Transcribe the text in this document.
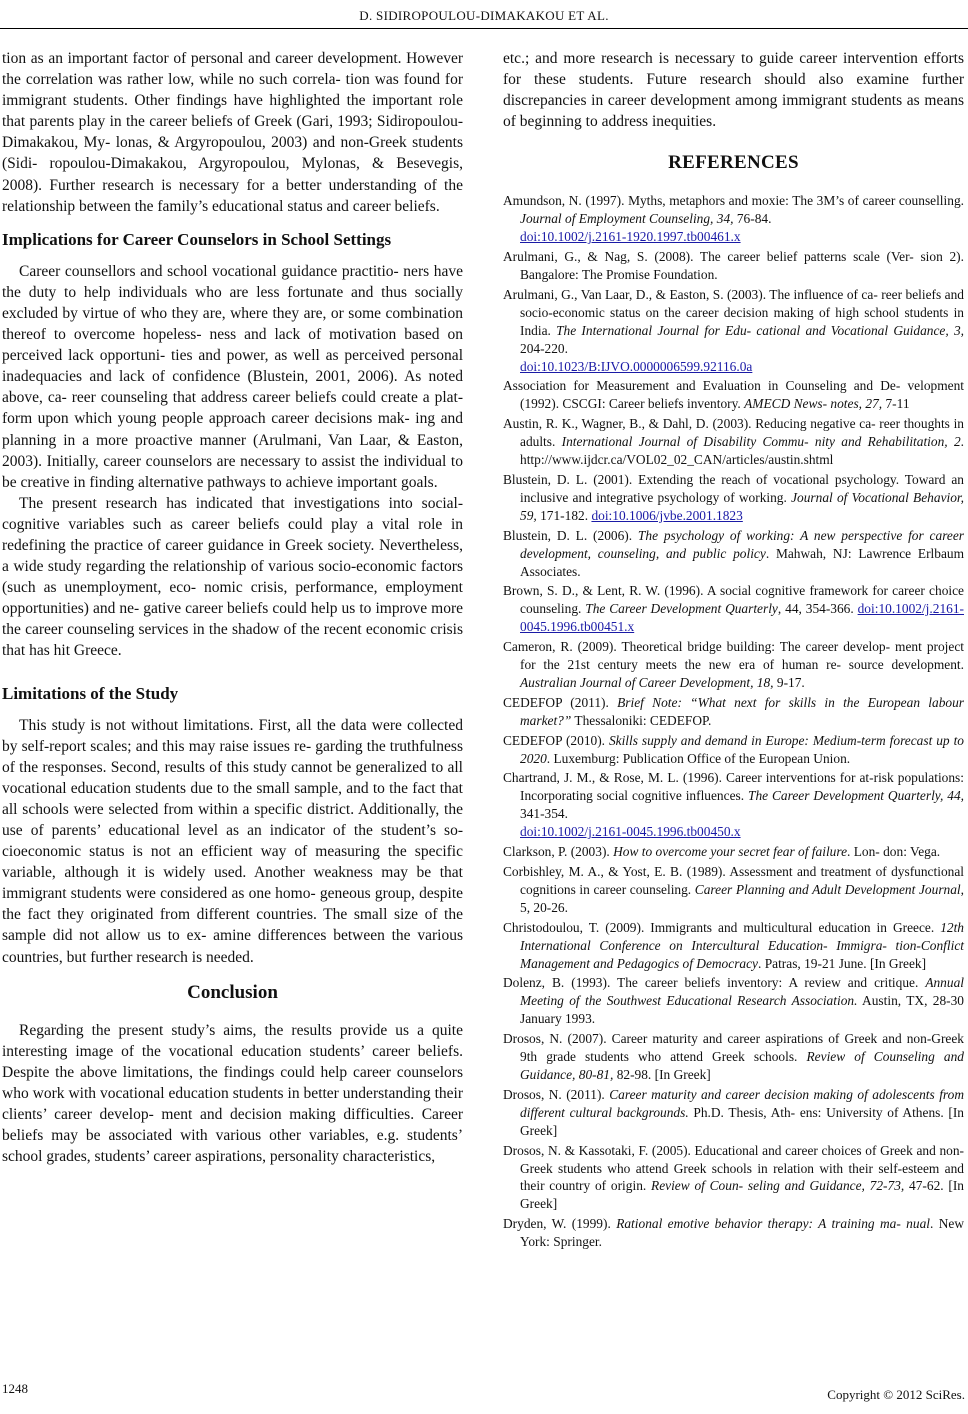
D. SIDIROPOULOU-DIMAKAKOU ET AL.

tion as an important factor of personal and career development. However the correlation was rather low, while no such correla- tion was found for immigrant students. Other findings have highlighted the important role that parents play in the career beliefs of Greek (Gari, 1993; Sidiropoulou-Dimakakou, My- lonas, & Argyropoulou, 2003) and non-Greek students (Sidi- ropoulou-Dimakakou, Argyropoulou, Mylonas, & Besevegis, 2008). Further research is necessary for a better understanding of the relationship between the family’s educational status and career beliefs.

Implications for Career Counselors in School Settings

Career counsellors and school vocational guidance practitio- ners have the duty to help individuals who are less fortunate and thus socially excluded by virtue of who they are, where they are, or some combination thereof to overcome hopeless- ness and lack of motivation based on perceived lack opportuni- ties and power, as well as perceived personal inadequacies and lack of confidence (Blustein, 2001, 2006). As noted above, ca- reer counseling that address career beliefs could create a plat- form upon which young people approach career decisions mak- ing and planning in a more proactive manner (Arulmani, Van Laar, & Easton, 2003). Initially, career counselors are necessary to assist the individual to be creative in finding alternative pathways to achieve important goals.

The present research has indicated that investigations into social-cognitive variables such as career beliefs could play a vital role in redefining the practice of career guidance in Greek society. Nevertheless, a wide study regarding the relationship of various socio-economic factors (such as unemployment, eco- nomic crisis, performance, employment opportunities) and ne- gative career beliefs could help us to improve more the career counseling services in the shadow of the recent economic crisis that has hit Greece.

Limitations of the Study

This study is not without limitations. First, all the data were collected by self-report scales; and this may raise issues re- garding the truthfulness of the responses. Second, results of this study cannot be generalized to all vocational education students due to the small sample, and to the fact that all schools were selected from within a specific district. Additionally, the use of parents’ educational level as an indicator of the student’s so- cioeconomic status is not an efficient way of measuring the specific variable, although it is widely used. Another weakness may be that immigrant students were considered as one homo- geneous group, despite the fact they originated from different countries. The small size of the sample did not allow us to ex- amine differences between the various countries, but further research is needed.

Conclusion

Regarding the present study’s aims, the results provide us a quite interesting image of the vocational education students’ career beliefs. Despite the above limitations, the findings could help career counselors who work with vocational education students in better understanding their clients’ career develop- ment and decision making difficulties. Career beliefs may be associated with various other variables, e.g. students’ school grades, students’ career aspirations, personality characteristics,

etc.; and more research is necessary to guide career intervention efforts for these students. Future research should also examine further discrepancies in career development among immigrant students as means of beginning to address inequities.

REFERENCES
Amundson, N. (1997). Myths, metaphors and moxie: The 3M’s of career counselling. Journal of Employment Counseling, 34, 76-84.
doi:10.1002/j.2161-1920.1997.tb00461.x
Arulmani, G., & Nag, S. (2008). The career belief patterns scale (Ver- sion 2). Bangalore: The Promise Foundation.
Arulmani, G., Van Laar, D., & Easton, S. (2003). The influence of ca- reer beliefs and socio-economic status on the career decision making of high school students in India. The International Journal for Edu- cational and Vocational Guidance, 3, 204-220.
doi:10.1023/B:IJVO.0000006599.92116.0a
Association for Measurement and Evaluation in Counseling and De- velopment (1992). CSCGI: Career beliefs inventory. AMECD News- notes, 27, 7-11
Austin, R. K., Wagner, B., & Dahl, D. (2003). Reducing negative ca- reer thoughts in adults. International Journal of Disability Commu- nity and Rehabilitation, 2. http://www.ijdcr.ca/VOL02_02_CAN/articles/austin.shtml
Blustein, D. L. (2001). Extending the reach of vocational psychology. Toward an inclusive and integrative psychology of working. Journal of Vocational Behavior, 59, 171-182. doi:10.1006/jvbe.2001.1823
Blustein, D. L. (2006). The psychology of working: A new perspective for career development, counseling, and public policy. Mahwah, NJ: Lawrence Erlbaum Associates.
Brown, S. D., & Lent, R. W. (1996). A social cognitive framework for career choice counseling. The Career Development Quarterly, 44, 354-366. doi:10.1002/j.2161-0045.1996.tb00451.x
Cameron, R. (2009). Theoretical bridge building: The career develop- ment project for the 21st century meets the new era of human re- source development. Australian Journal of Career Development, 18, 9-17.
CEDEFOP (2011). Brief Note: “What next for skills in the European labour market?” Thessaloniki: CEDEFOP.
CEDEFOP (2010). Skills supply and demand in Europe: Medium-term forecast up to 2020. Luxemburg: Publication Office of the European Union.
Chartrand, J. M., & Rose, M. L. (1996). Career interventions for at-risk populations: Incorporating social cognitive influences. The Career Development Quarterly, 44, 341-354.
doi:10.1002/j.2161-0045.1996.tb00450.x
Clarkson, P. (2003). How to overcome your secret fear of failure. Lon- don: Vega.
Corbishley, M. A., & Yost, E. B. (1989). Assessment and treatment of dysfunctional cognitions in career counseling. Career Planning and Adult Development Journal, 5, 20-26.
Christodoulou, T. (2009). Immigrants and multicultural education in Greece. 12th International Conference on Intercultural Education- Immigra- tion-Conflict Management and Pedagogics of Democracy. Patras, 19-21 June. [In Greek]
Dolenz, B. (1993). The career beliefs inventory: A review and critique. Annual Meeting of the Southwest Educational Research Association. Austin, TX, 28-30 January 1993.
Drosos, N. (2007). Career maturity and career aspirations of Greek and non-Greek 9th grade students who attend Greek schools. Review of Counseling and Guidance, 80-81, 82-98. [In Greek]
Drosos, N. (2011). Career maturity and career decision making of adolescents from different cultural backgrounds. Ph.D. Thesis, Ath- ens: University of Athens. [In Greek]
Drosos, N. & Kassotaki, F. (2005). Educational and career choices of Greek and non-Greek students who attend Greek schools in relation with their self-esteem and their country of origin. Review of Coun- seling and Guidance, 72-73, 47-62. [In Greek]
Dryden, W. (1999). Rational emotive behavior therapy: A training ma- nual. New York: Springer.
1248	Copyright © 2012 SciRes.
